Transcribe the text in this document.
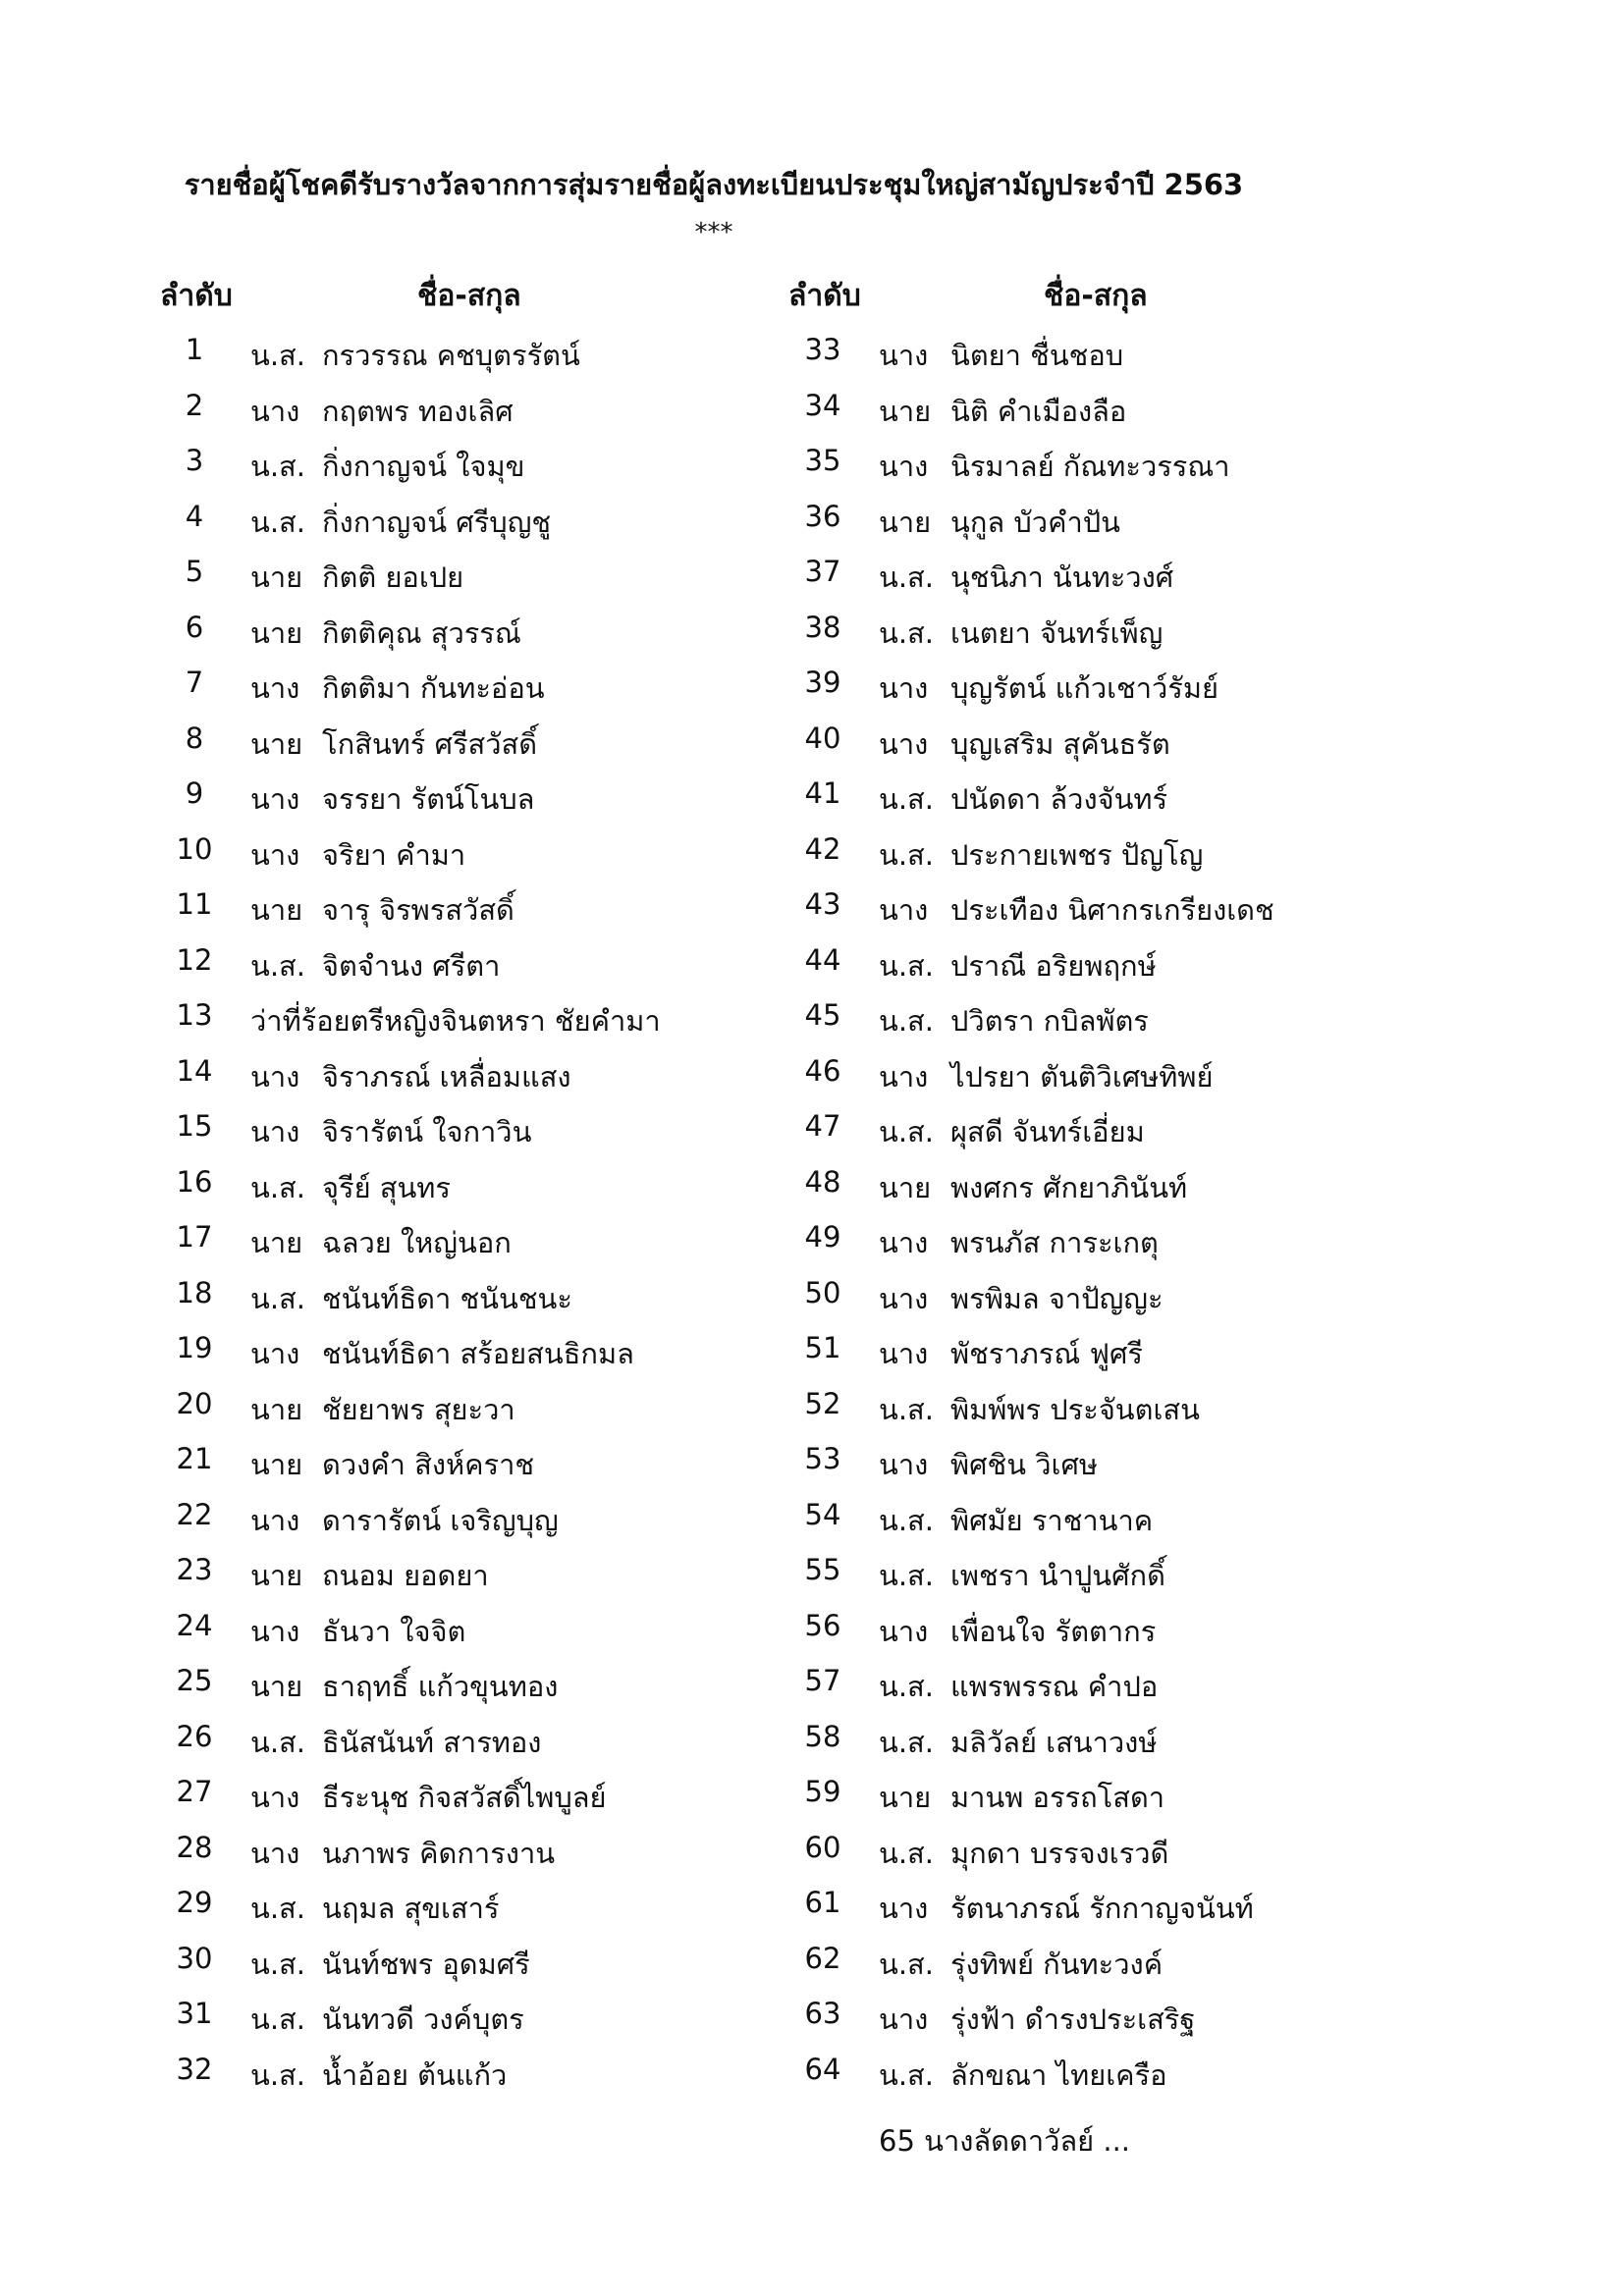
รายชื่อผู้โชคดีรับรางวัลจากการสุ่มรายชื่อผู้ลงทะเบียนประชุมใหญ่สามัญประจำปี 2563
***
ลำดับ	ชื่อ-สกุล	ลำดับ	ชื่อ-สกุล
1	น.ส. กรวรรณ คชบุตรรัตน์
2	นาง กฤตพร ทองเลิศ
3	น.ส. กิ่งกาญจน์ ใจมุข
4	น.ส. กิ่งกาญจน์ ศรีบุญชู
5	นาย กิตติ ยอเปย
6	นาย กิตติคุณ สุวรรณ์
7	นาง กิตติมา กันทะอ่อน
8	นาย โกสินทร์ ศรีสวัสดิ์
9	นาง จรรยา รัตน์โนบล
10	นาง จริยา คำมา
11	นาย จารุ จิรพรสวัสดิ์
12	น.ส. จิตจำนง ศรีตา
13	ว่าที่ร้อยตรีหญิงจินตหรา ชัยคำมา
14	นาง จิราภรณ์ เหลื่อมแสง
15	นาง จิรารัตน์ ใจกาวิน
16	น.ส. จุรีย์ สุนทร
17	นาย ฉลวย ใหญ่นอก
18	น.ส. ชนันท์ธิดา ชนันชนะ
19	นาง ชนันท์ธิดา สร้อยสนธิกมล
20	นาย ชัยยาพร สุยะวา
21	นาย ดวงคำ สิงห์คราช
22	นาง ดารารัตน์ เจริญบุญ
23	นาย ถนอม ยอดยา
24	นาง ธันวา ใจจิต
25	นาย ธาฤทธิ์ แก้วขุนทอง
26	น.ส. ธินัสนันท์ สารทอง
27	นาง ธีระนุช กิจสวัสดิ์ไพบูลย์
28	นาง นภาพร คิดการงาน
29	น.ส. นฤมล สุขเสาร์
30	น.ส. นันท์ชพร อุดมศรี
31	น.ส. นันทวดี วงค์บุตร
32	น.ส. น้ำอ้อย ต้นแก้ว
33	นาง นิตยา ชื่นชอบ
34	นาย นิติ คำเมืองลือ
35	นาง นิรมาลย์ กัณทะวรรณา
36	นาย นุกูล บัวคำปัน
37	น.ส. นุชนิภา นันทะวงศ์
38	น.ส. เนตยา จันทร์เพ็ญ
39	นาง บุญรัตน์ แก้วเชาว์รัมย์
40	นาง บุญเสริม สุคันธรัต
41	น.ส. ปนัดดา ล้วงจันทร์
42	น.ส. ประกายเพชร ปัญโญ
43	นาง ประเทือง นิศากรเกรียงเดช
44	น.ส. ปราณี อริยพฤกษ์
45	น.ส. ปวิตรา กบิลพัตร
46	นาง ไปรยา ตันติวิเศษทิพย์
47	น.ส. ผุสดี จันทร์เอี่ยม
48	นาย พงศกร ศักยาภินันท์
49	นาง พรนภัส การะเกตุ
50	นาง พรพิมล จาปัญญะ
51	นาง พัชราภรณ์ ฟูศรี
52	น.ส. พิมพ์พร ประจันตเสน
53	นาง พิศชิน วิเศษ
54	น.ส. พิศมัย ราชานาค
55	น.ส. เพชรา นำปูนศักดิ์
56	นาง เพื่อนใจ รัตตากร
57	น.ส. แพรพรรณ คำปอ
58	น.ส. มลิวัลย์ เสนาวงษ์
59	นาย มานพ อรรถโสดา
60	น.ส. มุกดา บรรจงเรวดี
61	นาง รัตนาภรณ์ รักกาญจนันท์
62	น.ส. รุ่งทิพย์ กันทะวงค์
63	นาง รุ่งฟ้า ดำรงประเสริฐ
64	น.ส. ลักขณา ไทยเครือ
65 นางลัดดาวัลย์ ...
